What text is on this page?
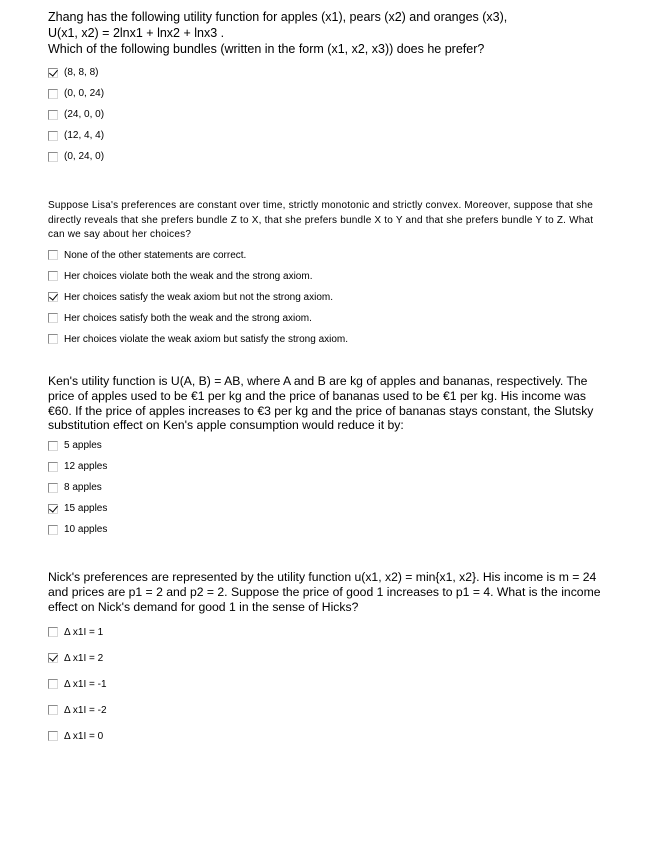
Zhang has the following utility function for apples (x1), pears (x2) and oranges (x3),
U(x1, x2) = 2lnx1 + lnx2 + lnx3 .
Which of the following bundles (written in the form (x1, x2, x3)) does he prefer?
(8, 8, 8)
(0, 0, 24)
(24, 0, 0)
(12, 4, 4)
(0, 24, 0)
Suppose Lisa's preferences are constant over time, strictly monotonic and strictly convex. Moreover, suppose that she directly reveals that she prefers bundle Z to X, that she prefers bundle X to Y and that she prefers bundle Y to Z. What can we say about her choices?
None of the other statements are correct.
Her choices violate both the weak and the strong axiom.
Her choices satisfy the weak axiom but not the strong axiom.
Her choices satisfy both the weak and the strong axiom.
Her choices violate the weak axiom but satisfy the strong axiom.
Ken's utility function is U(A, B) = AB, where A and B are kg of apples and bananas, respectively. The price of apples used to be €1 per kg and the price of bananas used to be €1 per kg. His income was €60. If the price of apples increases to €3 per kg and the price of bananas stays constant, the Slutsky substitution effect on Ken's apple consumption would reduce it by:
5 apples
12 apples
8 apples
15 apples
10 apples
Nick's preferences are represented by the utility function u(x1, x2) = min{x1, x2}. His income is m = 24 and prices are p1 = 2 and p2 = 2. Suppose the price of good 1 increases to p1 = 4. What is the income effect on Nick's demand for good 1 in the sense of Hicks?
Δ x1I = 1
Δ x1I = 2
Δ x1I = -1
Δ x1I = -2
Δ x1I = 0
